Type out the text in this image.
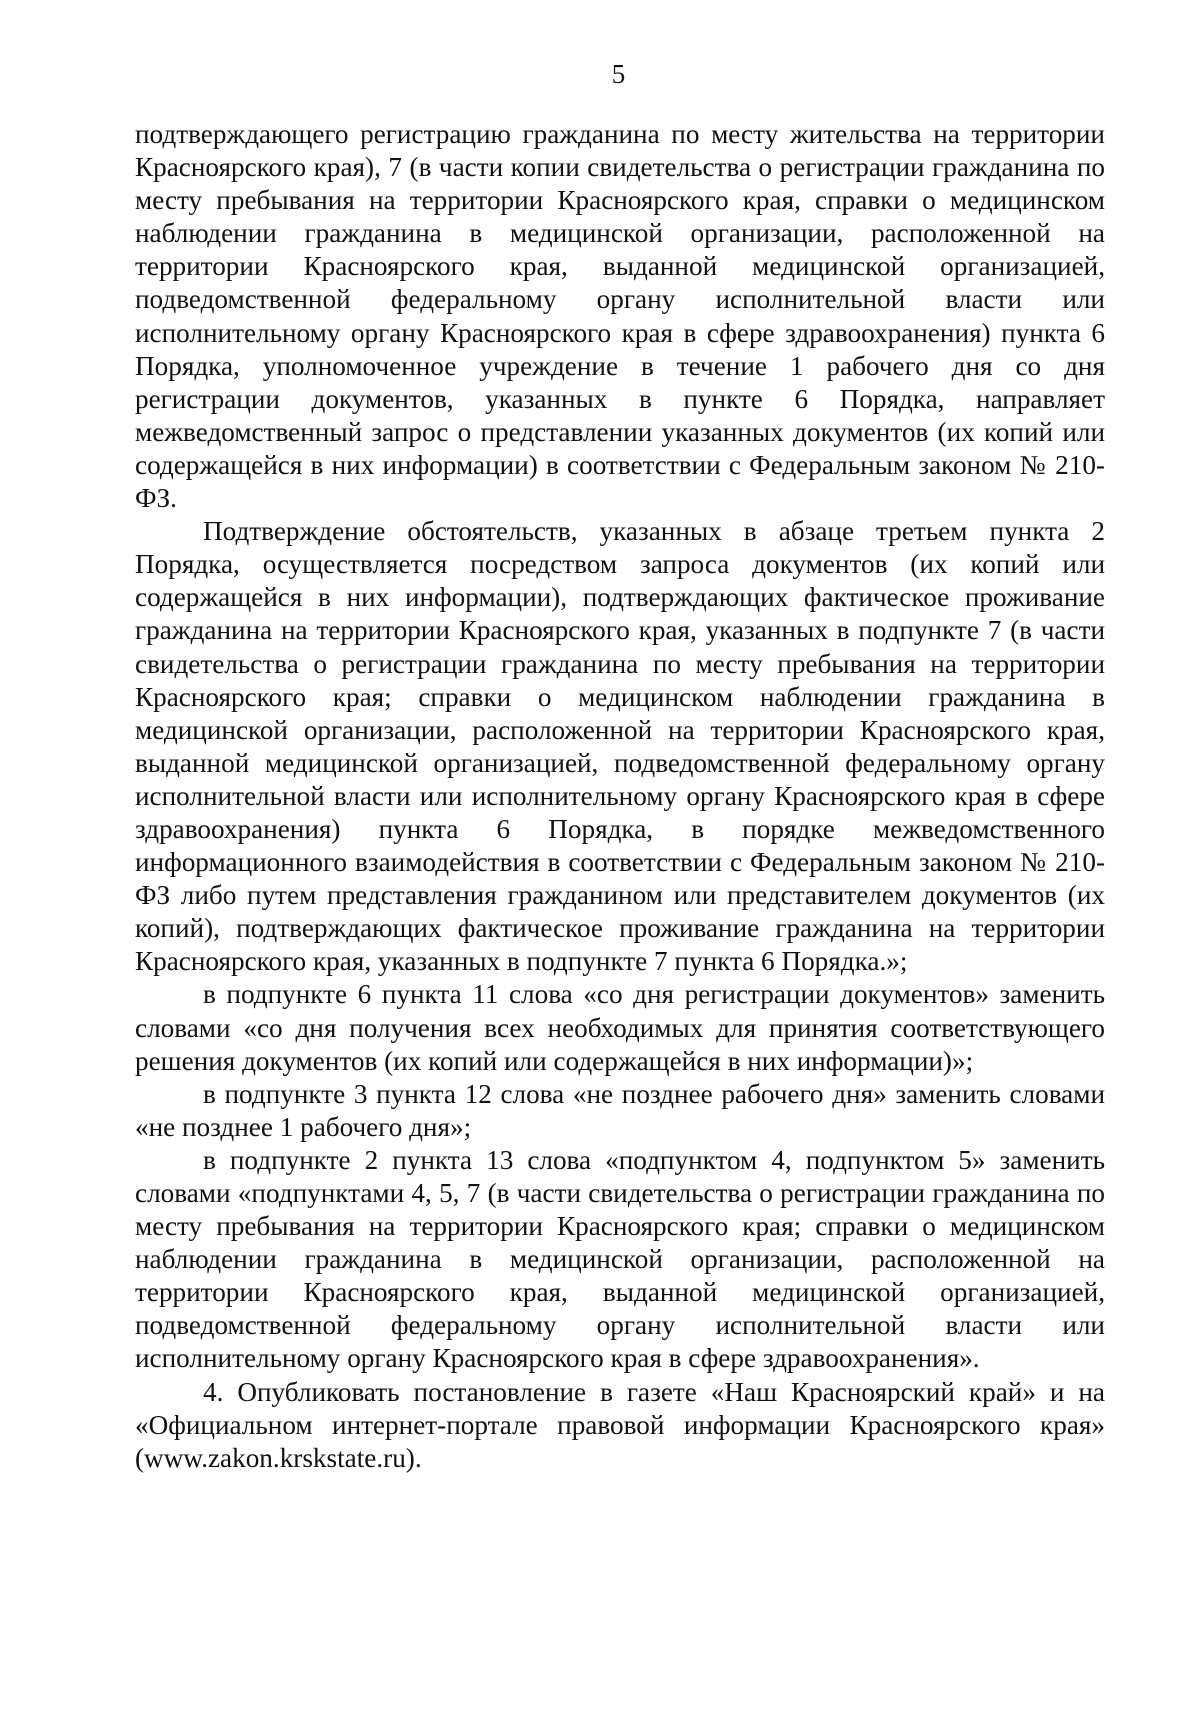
5

подтверждающего регистрацию гражданина по месту жительства на территории Красноярского края), 7 (в части копии свидетельства о регистрации гражданина по месту пребывания на территории Красноярского края, справки о медицинском наблюдении гражданина в медицинской организации, расположенной на территории Красноярского края, выданной медицинской организацией, подведомственной федеральному органу исполнительной власти или исполнительному органу Красноярского края в сфере здравоохранения) пункта 6 Порядка, уполномоченное учреждение в течение 1 рабочего дня со дня регистрации документов, указанных в пункте 6 Порядка, направляет межведомственный запрос о представлении указанных документов (их копий или содержащейся в них информации) в соответствии с Федеральным законом № 210-ФЗ.

Подтверждение обстоятельств, указанных в абзаце третьем пункта 2 Порядка, осуществляется посредством запроса документов (их копий или содержащейся в них информации), подтверждающих фактическое проживание гражданина на территории Красноярского края, указанных в подпункте 7 (в части свидетельства о регистрации гражданина по месту пребывания на территории Красноярского края; справки о медицинском наблюдении гражданина в медицинской организации, расположенной на территории Красноярского края, выданной медицинской организацией, подведомственной федеральному органу исполнительной власти или исполнительному органу Красноярского края в сфере здравоохранения) пункта 6 Порядка, в порядке межведомственного информационного взаимодействия в соответствии с Федеральным законом № 210-ФЗ либо путем представления гражданином или представителем документов (их копий), подтверждающих фактическое проживание гражданина на территории Красноярского края, указанных в подпункте 7 пункта 6 Порядка.»;

в подпункте 6 пункта 11 слова «со дня регистрации документов» заменить словами «со дня получения всех необходимых для принятия соответствующего решения документов (их копий или содержащейся в них информации)»;

в подпункте 3 пункта 12 слова «не позднее рабочего дня» заменить словами «не позднее 1 рабочего дня»;

в подпункте 2 пункта 13 слова «подпунктом 4, подпунктом 5» заменить словами «подпунктами 4, 5, 7 (в части свидетельства о регистрации гражданина по месту пребывания на территории Красноярского края; справки о медицинском наблюдении гражданина в медицинской организации, расположенной на территории Красноярского края, выданной медицинской организацией, подведомственной федеральному органу исполнительной власти или исполнительному органу Красноярского края в сфере здравоохранения».

4. Опубликовать постановление в газете «Наш Красноярский край» и на «Официальном интернет-портале правовой информации Красноярского края» (www.zakon.krskstate.ru).
